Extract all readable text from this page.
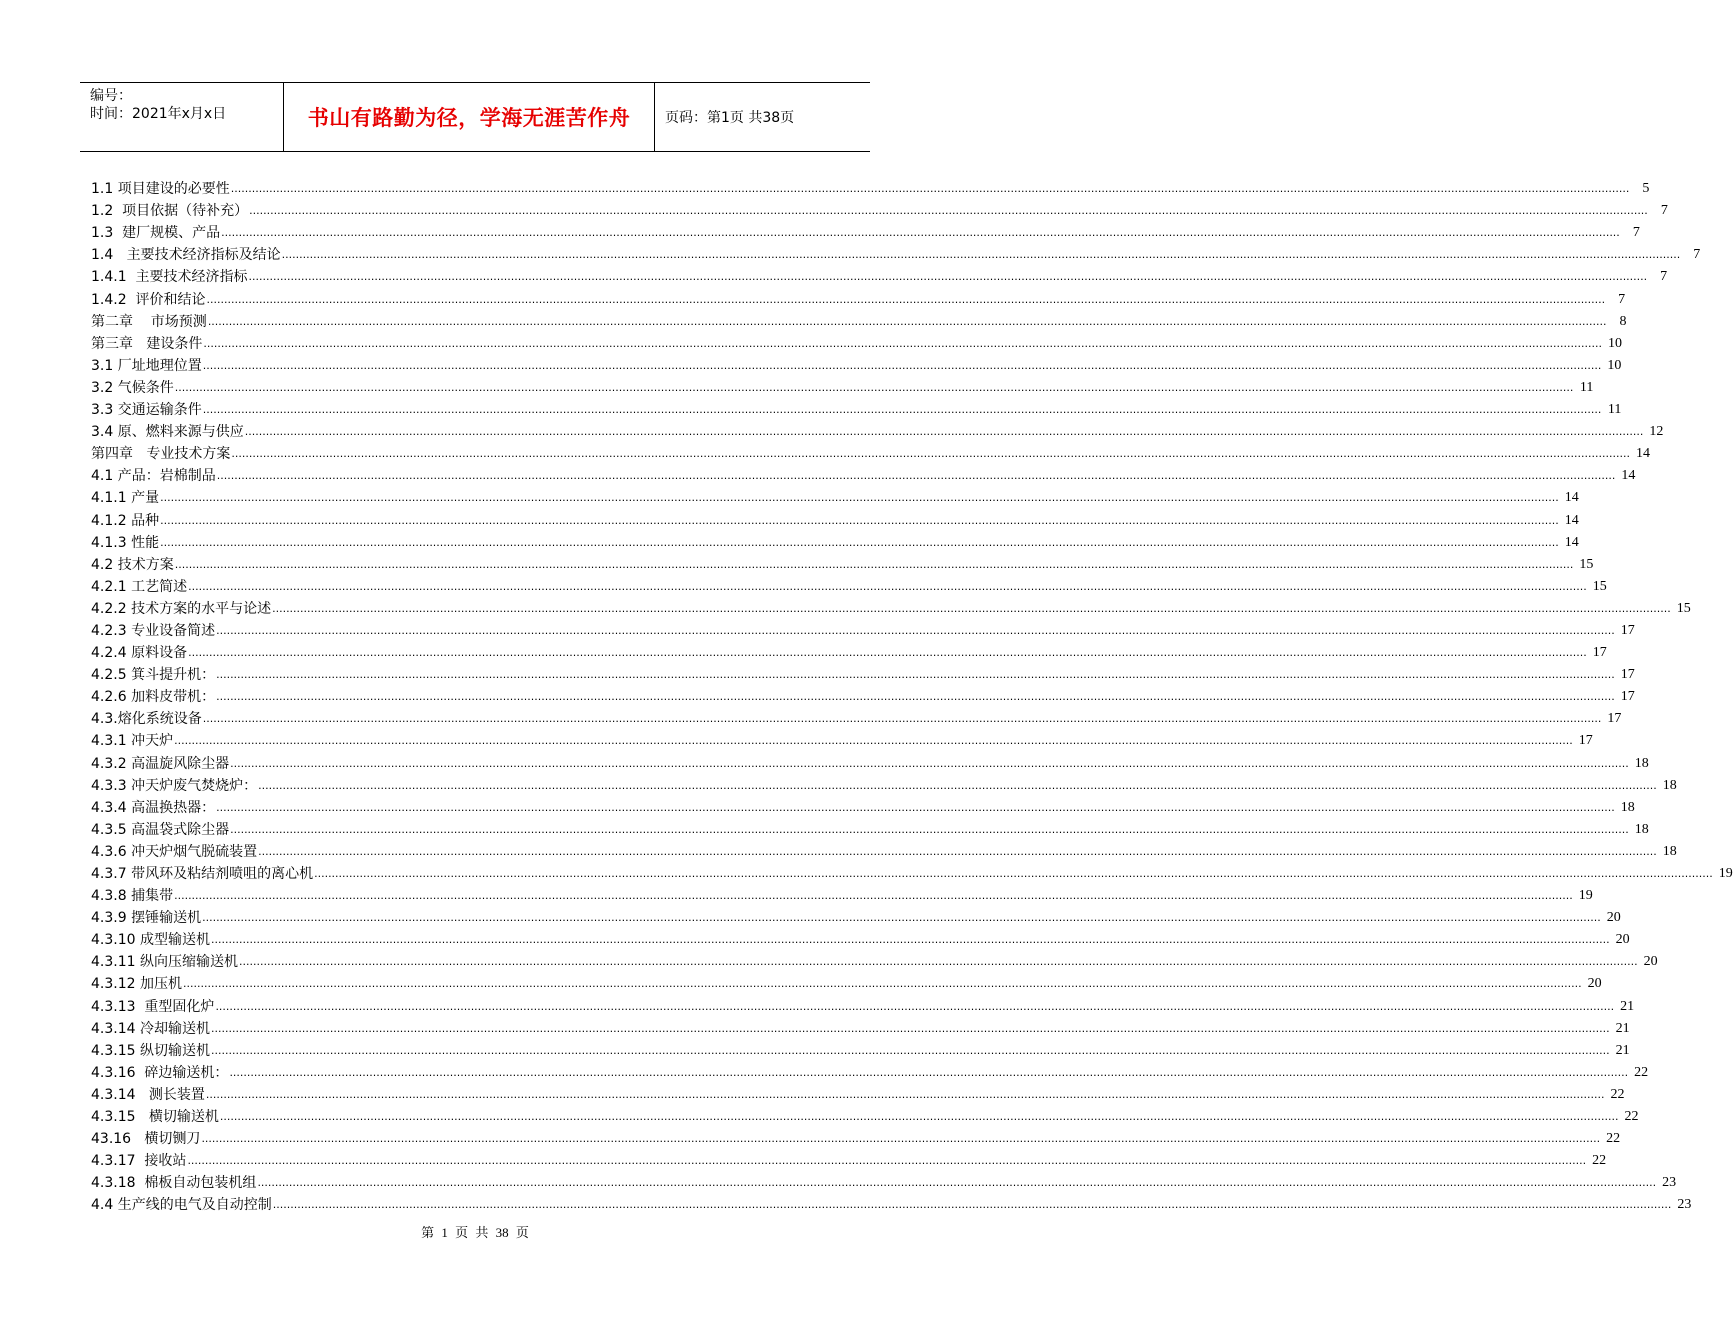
编号：
时间：2021年x月x日	书山有路勤为径，学海无涯苦作舟	页码：第1页 共38页
1.1 项目建设的必要性 ................................................................................................................................................................................................................................................................................................................................................................................................................ 5
1.2  项目依据（待补充） ................................................................................................................................................................................................................................................................................................................................................................................................................ 7
1.3  建厂规模、产品 ................................................................................................................................................................................................................................................................................................................................................................................................................ 7
1.4   主要技术经济指标及结论 ................................................................................................................................................................................................................................................................................................................................................................................................................ 7
1.4.1  主要技术经济指标 ................................................................................................................................................................................................................................................................................................................................................................................................................ 7
1.4.2  评价和结论 ................................................................................................................................................................................................................................................................................................................................................................................................................ 7
第二章    市场预测 ................................................................................................................................................................................................................................................................................................................................................................................................................ 8
第三章   建设条件 ................................................................................................................................................................................................................................................................................................................................................................................................................ 10
3.1 厂址地理位置 ................................................................................................................................................................................................................................................................................................................................................................................................................ 10
3.2 气候条件 ................................................................................................................................................................................................................................................................................................................................................................................................................ 11
3.3 交通运输条件 ................................................................................................................................................................................................................................................................................................................................................................................................................ 11
3.4 原、燃料来源与供应 ................................................................................................................................................................................................................................................................................................................................................................................................................ 12
第四章   专业技术方案 ................................................................................................................................................................................................................................................................................................................................................................................................................ 14
4.1 产品：岩棉制品 ................................................................................................................................................................................................................................................................................................................................................................................................................ 14
4.1.1 产量 ................................................................................................................................................................................................................................................................................................................................................................................................................ 14
4.1.2 品种 ................................................................................................................................................................................................................................................................................................................................................................................................................ 14
4.1.3 性能 ................................................................................................................................................................................................................................................................................................................................................................................................................ 14
4.2 技术方案 ................................................................................................................................................................................................................................................................................................................................................................................................................ 15
4.2.1 工艺简述 ................................................................................................................................................................................................................................................................................................................................................................................................................ 15
4.2.2 技术方案的水平与论述 ................................................................................................................................................................................................................................................................................................................................................................................................................ 15
4.2.3 专业设备简述 ................................................................................................................................................................................................................................................................................................................................................................................................................ 17
4.2.4 原料设备 ................................................................................................................................................................................................................................................................................................................................................................................................................ 17
4.2.5 箕斗提升机： ................................................................................................................................................................................................................................................................................................................................................................................................................ 17
4.2.6 加料皮带机： ................................................................................................................................................................................................................................................................................................................................................................................................................ 17
4.3.熔化系统设备 ................................................................................................................................................................................................................................................................................................................................................................................................................ 17
4.3.1 冲天炉 ................................................................................................................................................................................................................................................................................................................................................................................................................ 17
4.3.2 高温旋风除尘器 ................................................................................................................................................................................................................................................................................................................................................................................................................ 18
4.3.3 冲天炉废气焚烧炉： ................................................................................................................................................................................................................................................................................................................................................................................................................ 18
4.3.4 高温换热器： ................................................................................................................................................................................................................................................................................................................................................................................................................ 18
4.3.5 高温袋式除尘器 ................................................................................................................................................................................................................................................................................................................................................................................................................ 18
4.3.6 冲天炉烟气脱硫装置 ................................................................................................................................................................................................................................................................................................................................................................................................................ 18
4.3.7 带风环及粘结剂喷咀的离心机 ................................................................................................................................................................................................................................................................................................................................................................................................................ 19
4.3.8 捕集带 ................................................................................................................................................................................................................................................................................................................................................................................................................ 19
4.3.9 摆锤输送机 ................................................................................................................................................................................................................................................................................................................................................................................................................ 20
4.3.10 成型输送机 ................................................................................................................................................................................................................................................................................................................................................................................................................ 20
4.3.11 纵向压缩输送机 ................................................................................................................................................................................................................................................................................................................................................................................................................ 20
4.3.12 加压机 ................................................................................................................................................................................................................................................................................................................................................................................................................ 20
4.3.13  重型固化炉 ................................................................................................................................................................................................................................................................................................................................................................................................................ 21
4.3.14 冷却输送机 ................................................................................................................................................................................................................................................................................................................................................................................................................ 21
4.3.15 纵切输送机 ................................................................................................................................................................................................................................................................................................................................................................................................................ 21
4.3.16  碎边输送机： ................................................................................................................................................................................................................................................................................................................................................................................................................ 22
4.3.14   测长装置 ................................................................................................................................................................................................................................................................................................................................................................................................................ 22
4.3.15   横切输送机 ................................................................................................................................................................................................................................................................................................................................................................................................................ 22
43.16   横切铡刀 ................................................................................................................................................................................................................................................................................................................................................................................................................ 22
4.3.17  接收站 ................................................................................................................................................................................................................................................................................................................................................................................................................ 22
4.3.18  棉板自动包装机组 ................................................................................................................................................................................................................................................................................................................................................................................................................ 23
4.4 生产线的电气及自动控制 ................................................................................................................................................................................................................................................................................................................................................................................................................ 23
第 1 页 共 38 页
